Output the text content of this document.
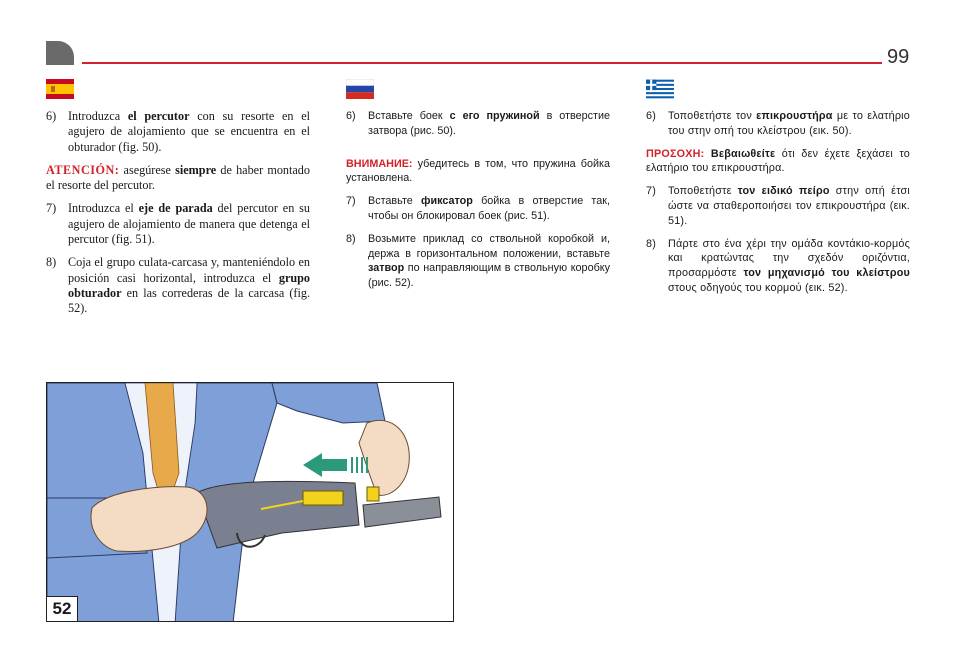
99
6) Introduzca el percutor con su resorte en el agujero de alojamiento que se encuentra en el obturador (fig. 50).
ATENCIÓN: asegúrese siempre de haber montado el resorte del percutor.
7) Introduzca el eje de parada del percutor en su agujero de alojamiento de manera que detenga el percutor (fig. 51).
8) Coja el grupo culata-carcasa y, manteniéndolo en posición casi horizontal, introduzca el grupo obturador en las correderas de la carcasa (fig. 52).
6)	Вставьте боек с его пружиной в отверстие затвора (рис. 50).
ВНИМАНИЕ: убедитесь в том, что пружина бойка установлена.
7)	Вставьте фиксатор бойка в отверстие так, чтобы он блокировал боек (рис. 51).
8)	Возьмите приклад со ствольной коробкой и, держа в горизонтальном положении, вставьте затвор по направляющим в ствольную коробку (рис. 52).
6)	Τοποθετήστε τον επικρουστήρα με το ελατήριο του στην οπή του κλείστρου (εικ. 50).
ΠΡΟΣΟΧΗ: Βεβαιωθείτε ότι δεν έχετε ξεχάσει το ελατήριο του επικρουστήρα.
7)	Τοποθετήστε τον ειδικό πείρο στην οπή έτσι ώστε να σταθεροποιήσει τον επικρουστήρα (εικ. 51).
8)	Πάρτε στο ένα χέρι την ομάδα κοντάκιο-κορμός και κρατώντας την σχεδόν οριζόντια, προσαρμόστε τον μηχανισμό του κλείστρου στους οδηγούς του κορμού (εικ. 52).
52
